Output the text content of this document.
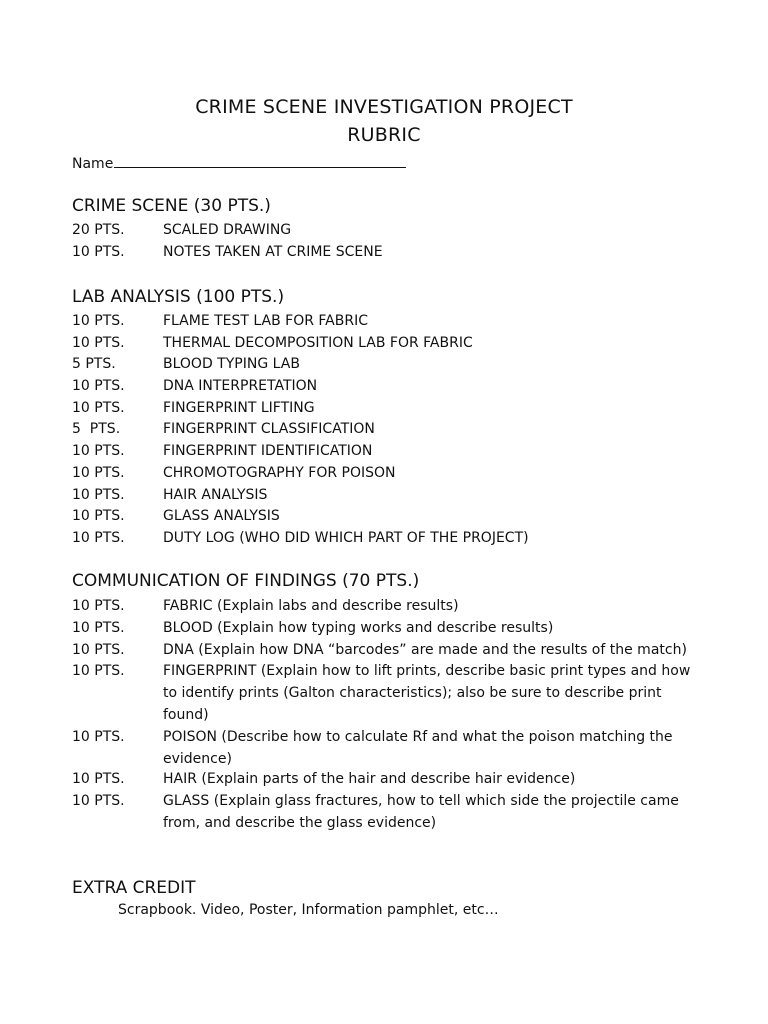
CRIME SCENE INVESTIGATION PROJECT
RUBRIC
Name
CRIME SCENE (30 PTS.)
20 PTS.	SCALED DRAWING
10 PTS.	NOTES TAKEN AT CRIME SCENE
LAB ANALYSIS (100 PTS.)
10 PTS.	FLAME TEST LAB FOR FABRIC
10 PTS.	THERMAL DECOMPOSITION LAB FOR FABRIC
5 PTS.	BLOOD TYPING LAB
10 PTS.	DNA INTERPRETATION
10 PTS.	FINGERPRINT LIFTING
5  PTS.	FINGERPRINT CLASSIFICATION
10 PTS.	FINGERPRINT IDENTIFICATION
10 PTS.	CHROMOTOGRAPHY FOR POISON
10 PTS.	HAIR ANALYSIS
10 PTS.	GLASS ANALYSIS
10 PTS.	DUTY LOG (WHO DID WHICH PART OF THE PROJECT)
COMMUNICATION OF FINDINGS (70 PTS.)
10 PTS.	FABRIC (Explain labs and describe results)
10 PTS.	BLOOD (Explain how typing works and describe results)
10 PTS.	DNA (Explain how DNA “barcodes” are made and the results of the match)
10 PTS.	FINGERPRINT (Explain how to lift prints, describe basic print types and how to identify prints (Galton characteristics); also be sure to describe print found)
10 PTS.	POISON (Describe how to calculate Rf and what the poison matching the evidence)
10 PTS.	HAIR (Explain parts of the hair and describe hair evidence)
10 PTS.	GLASS (Explain glass fractures, how to tell which side the projectile came from, and describe the glass evidence)
EXTRA CREDIT
Scrapbook. Video, Poster, Information pamphlet, etc…
